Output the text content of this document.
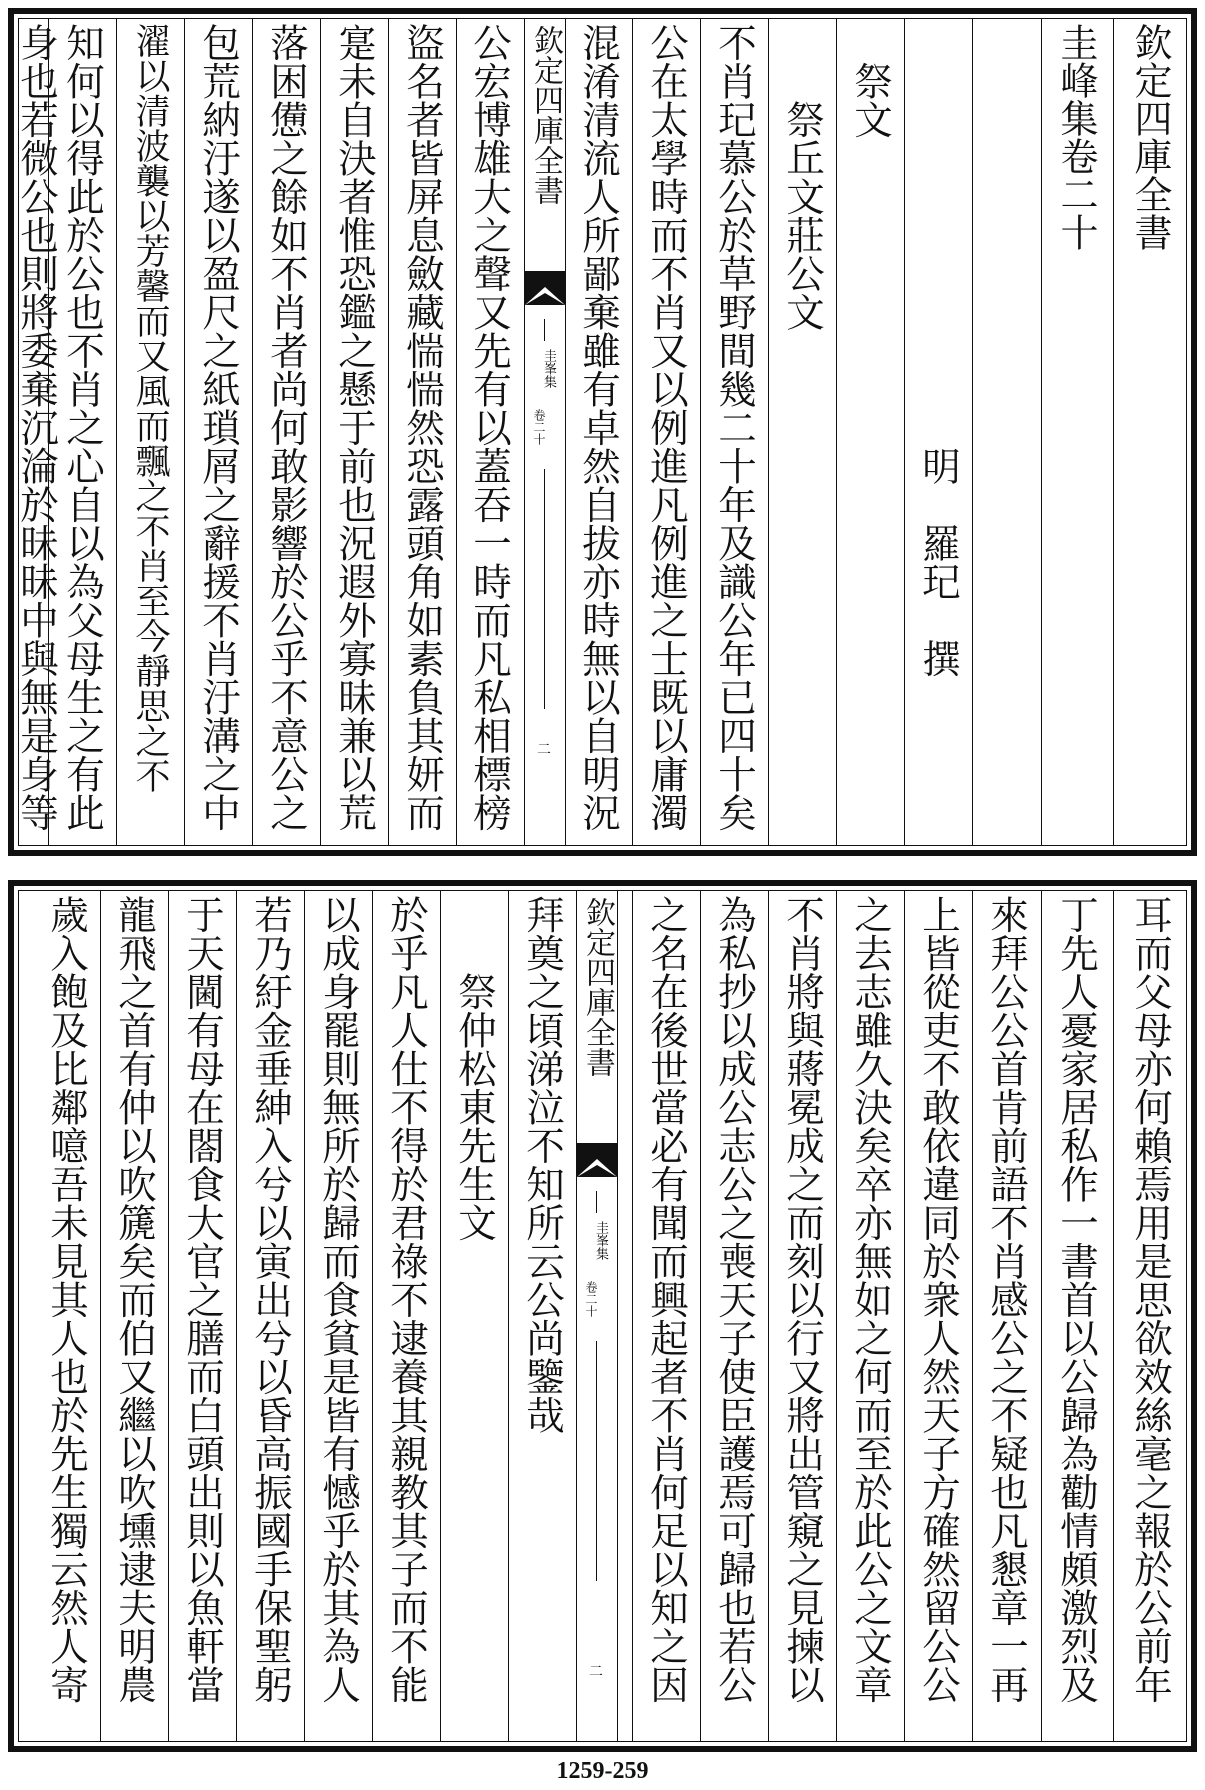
欽定四庫全書
圭峰集卷二十
　　　　　　　　　　　明　羅玘　撰
　祭文
　　祭丘文莊公文
不肖玘慕公於草野間幾二十年及識公年已四十矣
公在太學時而不肖又以例進凡例進之士既以庸濁
混淆清流人所鄙棄雖有卓然自拔亦時無以自明況
欽定四庫全書
圭峯集
卷二十
二
公宏博雄大之聲又先有以蓋吞一時而凡私相標榜
盜名者皆屏息斂藏惴惴然恐露頭角如素負其妍而
寔未自決者惟恐鑑之懸于前也況遐外寡昧兼以荒
落困憊之餘如不肖者尚何敢影響於公乎不意公之
包荒納汙遂以盈尺之紙瑣屑之辭援不肖汙溝之中
濯以清波襲以芳馨而又風而飄之不肖至今靜思之不
知何以得此於公也不肖之心自以為父母生之有此
身也若微公也則將委棄沉淪於昧昧中與無是身等
耳而父母亦何賴焉用是思欲效絲毫之報於公前年
丁先人憂家居私作一書首以公歸為勸情頗激烈及
來拜公公首肯前語不肖感公之不疑也凡懇章一再
上皆從吏不敢依違同於衆人然天子方確然留公公
之去志雖久決矣卒亦無如之何而至於此公之文章
不肖將與蔣冕成之而刻以行又將出管窺之見揀以
為私抄以成公志公之喪天子使臣護焉可歸也若公
之名在後世當必有聞而興起者不肖何足以知之因
欽定四庫全書
圭峯集
卷二十
二
拜奠之頃涕泣不知所云公尚鑒哉
　　祭仲松東先生文
於乎凡人仕不得於君祿不逮養其親教其子而不能
以成身罷則無所於歸而食貧是皆有憾乎於其為人
若乃紆金垂紳入兮以寅出兮以昏高振國手保聖躬
于天閫有母在閤食大官之膳而白頭出則以魚軒當
龍飛之首有仲以吹篪矣而伯又繼以吹壎逮夫明農
歲入飽及比鄰噫吾未見其人也於先生獨云然人寄
1259-259
